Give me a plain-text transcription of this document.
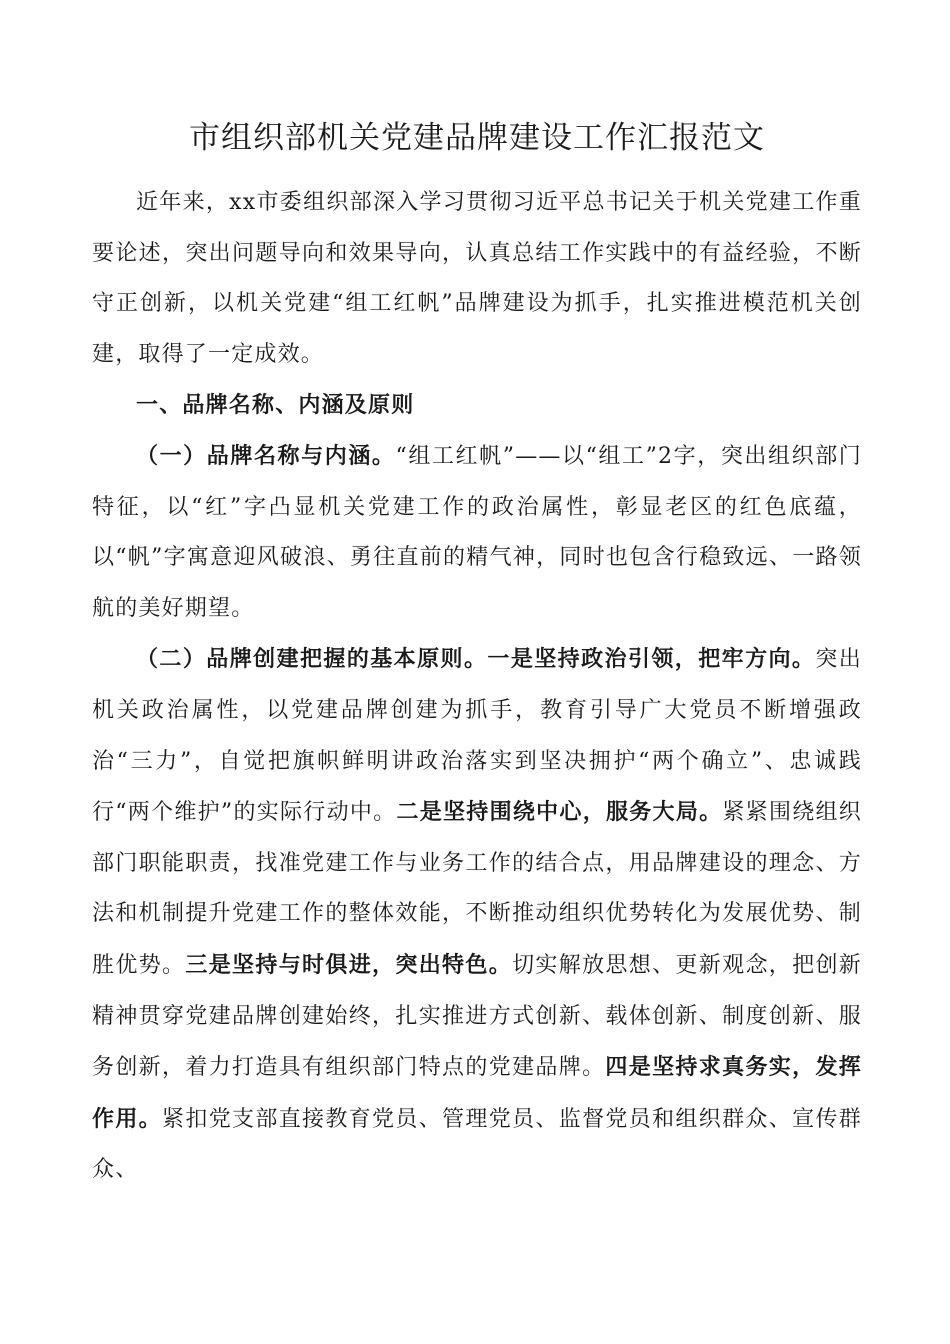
市组织部机关党建品牌建设工作汇报范文

近年来，xx市委组织部深入学习贯彻习近平总书记关于机关党建工作重要论述，突出问题导向和效果导向，认真总结工作实践中的有益经验，不断守正创新，以机关党建“组工红帆”品牌建设为抓手，扎实推进模范机关创建，取得了一定成效。

一、品牌名称、内涵及原则

（一）品牌名称与内涵。“组工红帆”——以“组工”2字，突出组织部门特征，以“红”字凸显机关党建工作的政治属性，彰显老区的红色底蕴，以“帆”字寓意迎风破浪、勇往直前的精气神，同时也包含行稳致远、一路领航的美好期望。

（二）品牌创建把握的基本原则。一是坚持政治引领，把牢方向。突出机关政治属性，以党建品牌创建为抓手，教育引导广大党员不断增强政治“三力”，自觉把旗帜鲜明讲政治落实到坚决拥护“两个确立”、忠诚践行“两个维护”的实际行动中。二是坚持围绕中心，服务大局。紧紧围绕组织部门职能职责，找准党建工作与业务工作的结合点，用品牌建设的理念、方法和机制提升党建工作的整体效能，不断推动组织优势转化为发展优势、制胜优势。三是坚持与时俱进，突出特色。切实解放思想、更新观念，把创新精神贯穿党建品牌创建始终，扎实推进方式创新、载体创新、制度创新、服务创新，着力打造具有组织部门特点的党建品牌。四是坚持求真务实，发挥作用。紧扣党支部直接教育党员、管理党员、监督党员和组织群众、宣传群众、
